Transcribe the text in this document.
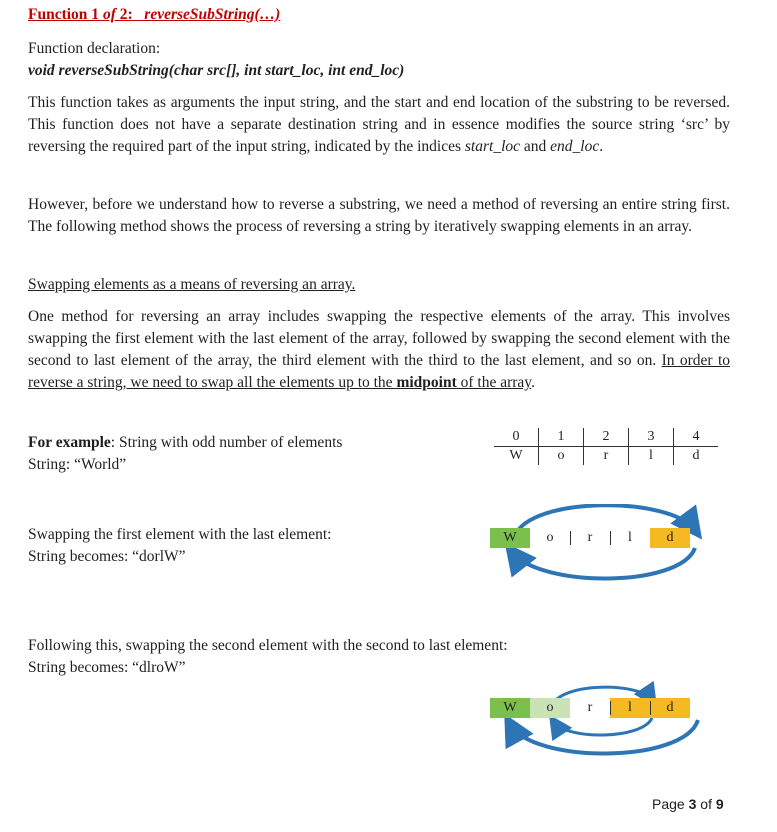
Function 1 of 2:   reverseSubString(…)
Function declaration:
void reverseSubString(char src[], int start_loc, int end_loc)
This function takes as arguments the input string, and the start and end location of the substring to be reversed. This function does not have a separate destination string and in essence modifies the source string ‘src’ by reversing the required part of the input string, indicated by the indices start_loc and end_loc.
However, before we understand how to reverse a substring, we need a method of reversing an entire string first. The following method shows the process of reversing a string by iteratively swapping elements in an array.
Swapping elements as a means of reversing an array.
One method for reversing an array includes swapping the respective elements of the array. This involves swapping the first element with the last element of the array, followed by swapping the second element with the second to last element of the array, the third element with the third to the last element, and so on. In order to reverse a string, we need to swap all the elements up to the midpoint of the array.
For example: String with odd number of elements
String: “World”
0	1	2	3	4
W	o	r	l	d
Swapping the first element with the last element:
String becomes: “dorlW”
W	o	r	l	d
Following this, swapping the second element with the second to last element:
String becomes: “dlroW”
W	o	r	l	d
Page 3 of 9
